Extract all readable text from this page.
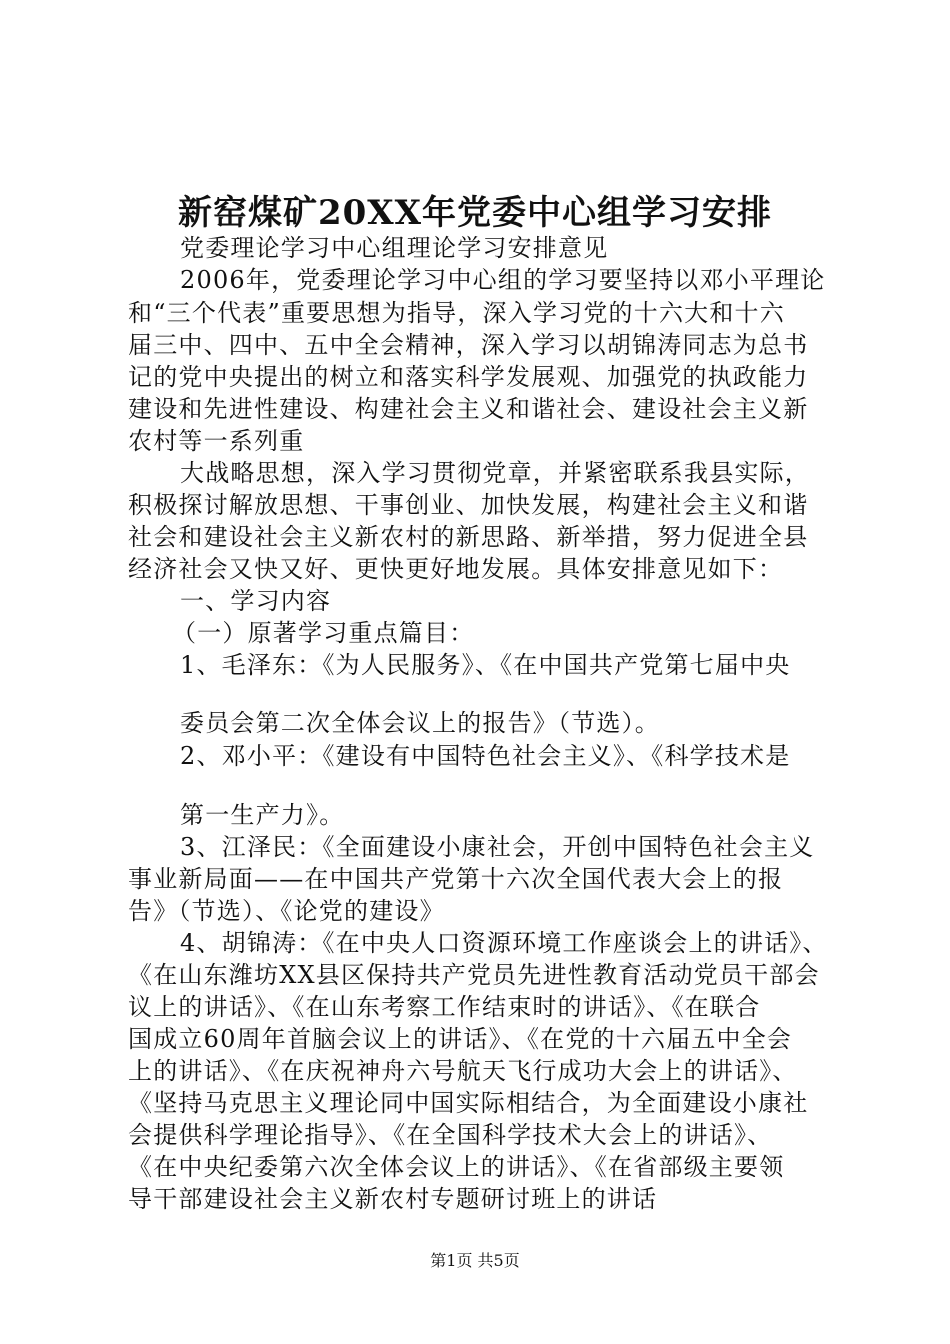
新窑煤矿20XX年党委中心组学习安排
党委理论学习中心组理论学习安排意见
2006年，党委理论学习中心组的学习要坚持以邓小平理论
和“三个代表”重要思想为指导，深入学习党的十六大和十六
届三中、四中、五中全会精神，深入学习以胡锦涛同志为总书
记的党中央提出的树立和落实科学发展观、加强党的执政能力
建设和先进性建设、构建社会主义和谐社会、建设社会主义新
农村等一系列重
大战略思想，深入学习贯彻党章，并紧密联系我县实际，
积极探讨解放思想、干事创业、加快发展，构建社会主义和谐
社会和建设社会主义新农村的新思路、新举措，努力促进全县
经济社会又快又好、更快更好地发展。具体安排意见如下：
一、学习内容
（一）原著学习重点篇目：
1、毛泽东：《为人民服务》、《在中国共产党第七届中央
委员会第二次全体会议上的报告》（节选）。
2、邓小平：《建设有中国特色社会主义》、《科学技术是
第一生产力》。
3、江泽民：《全面建设小康社会，开创中国特色社会主义
事业新局面——在中国共产党第十六次全国代表大会上的报
告》（节选）、《论党的建设》
4、胡锦涛：《在中央人口资源环境工作座谈会上的讲话》、
《在山东潍坊XX县区保持共产党员先进性教育活动党员干部会
议上的讲话》、《在山东考察工作结束时的讲话》、《在联合
国成立60周年首脑会议上的讲话》、《在党的十六届五中全会
上的讲话》、《在庆祝神舟六号航天飞行成功大会上的讲话》、
《坚持马克思主义理论同中国实际相结合，为全面建设小康社
会提供科学理论指导》、《在全国科学技术大会上的讲话》、
《在中央纪委第六次全体会议上的讲话》、《在省部级主要领
导干部建设社会主义新农村专题研讨班上的讲话
第1页 共5页
